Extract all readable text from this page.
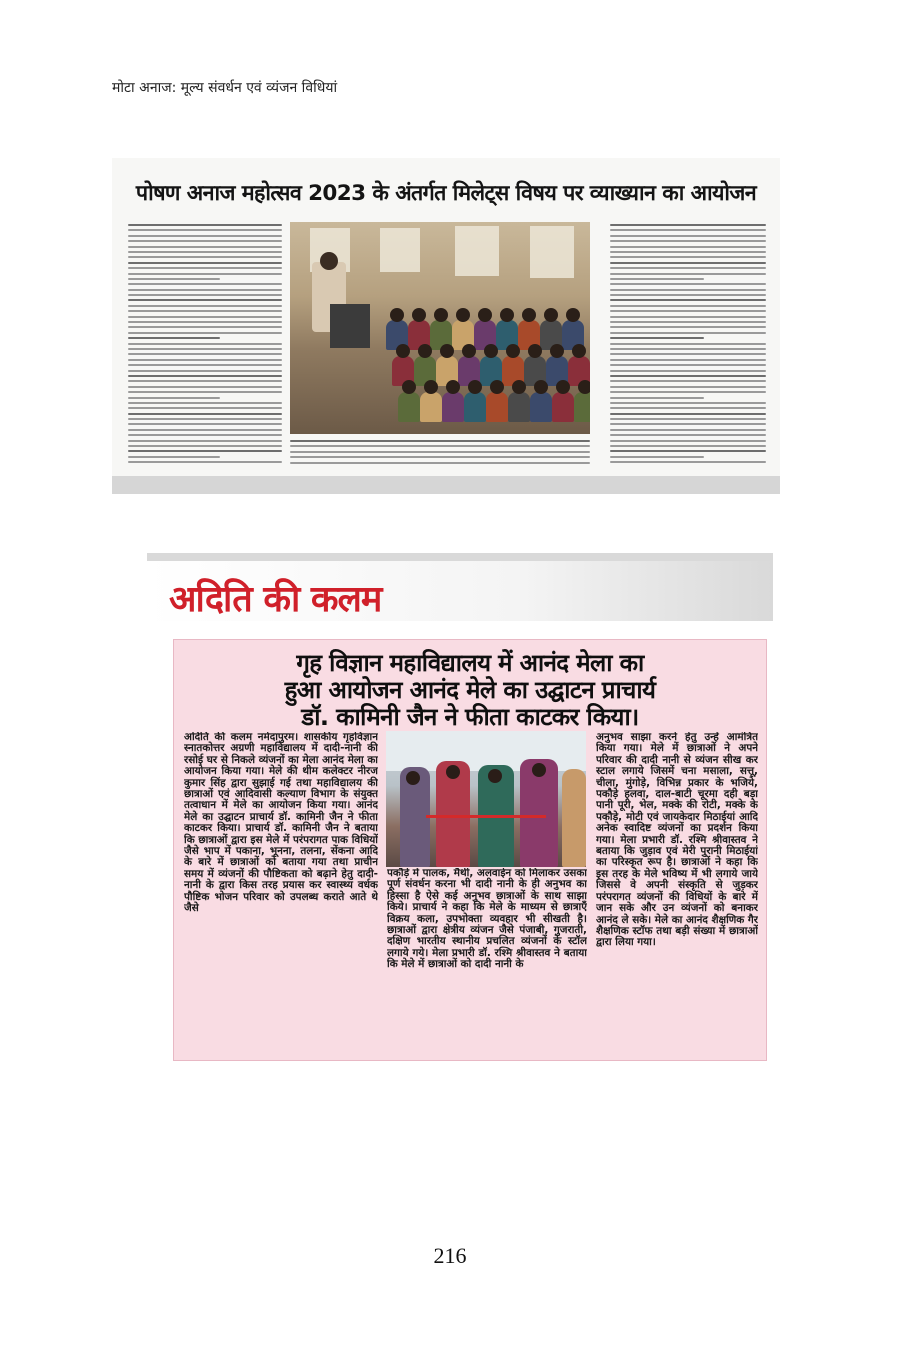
मोटा अनाज: मूल्य संवर्धन एवं व्यंजन विधियां
पोषण अनाज महोत्सव 2023 के अंतर्गत मिलेट्स विषय पर व्याख्यान का आयोजन
अदिति की कलम
गृह विज्ञान महाविद्यालय में आनंद मेला का
हुआ आयोजन आनंद मेले का उद्घाटन प्राचार्य
डॉ. कामिनी जैन ने फीता काटकर किया।
अदिति की कलम नर्मदापुरम। शासकीय गृहविज्ञान स्नातकोत्तर अग्रणी महाविद्यालय में दादी-नानी की रसोई घर से निकले व्यंजनों का मेला आनंद मेला का आयोजन किया गया। मेले की थीम कलेक्टर नीरज कुमार सिंह द्वारा सुझाई गई तथा महाविद्यालय की छात्राओं एवं आदिवासी कल्याण विभाग के संयुक्त तत्वाधान में मेले का आयोजन किया गया। आनंद मेले का उद्घाटन प्राचार्य डॉ. कामिनी जैन ने फीता काटकर किया। प्राचार्य डॉ. कामिनी जैन ने बताया कि छात्राओं द्वारा इस मेले में परंपरागत पाक विधियों जैसे भाप में पकाना, भूनना, तलना, सेंकना आदि के बारे में छात्राओं को बताया गया तथा प्राचीन समय में व्यंजनों की पौष्टिकता को बढ़ाने हेतु दादी-नानी के द्वारा किस तरह प्रयास कर स्वास्थ्य वर्धक पौष्टिक भोजन परिवार को उपलब्ध कराते आते थे जैसे
पकौड़े में पालक, मैथी, अलवाईन को मिलाकर उसका पूर्ण संवर्धन करना भी दादी नानी के ही अनुभव का हिस्सा है ऐसे कई अनुभव छात्राओं के साथ साझा किये। प्राचार्य ने कहा कि मेले के माध्यम से छात्राएँ विक्रय कला, उपभोक्ता व्यवहार भी सीखती है। छात्राओं द्वारा क्षेत्रीय व्यंजन जैसे पंजाबी, गुजराती, दक्षिण भारतीय स्थानीय प्रचलित व्यंजनों के स्टॉल लगाये गये। मेला प्रभारी डॉ. रश्मि श्रीवास्तव ने बताया कि मेले में छात्राओं को दादी नानी के
अनुभव साझा करने हेतु उन्हें आमंत्रित किया गया। मेले में छात्राओं ने अपने परिवार की दादी नानी से व्यंजन सीख कर स्टाल लगाये जिसमें चना मसाला, सत्तू, चीला, मुंगोड़े, विभिन्न प्रकार के भजिये, पकौड़े हलवा, दाल-बाटी चूरमा दही बड़ा पानी पूरी, भेल, मक्के की रोटी, मक्के के पकौड़े, मोटी एवं जायकेदार मिठाईयां आदि अनेक स्वादिष्ट व्यंजनों का प्रदर्शन किया गया। मेला प्रभारी डॉ. रश्मि श्रीवास्तव ने बताया कि जुड़ाव एवं मेरी पुरानी मिठाईयां का परिस्कृत रूप है। छात्राओं ने कहा कि इस तरह के मेले भविष्य में भी लगाये जाये जिससे वे अपनी संस्कृति से जुड़कर परंपरागत व्यंजनों की विधियों के बारे में जान सके और उन व्यंजनों को बनाकर आनंद ले सके। मेले का आनंद शैक्षणिक गैर शैक्षणिक स्टॉफ तथा बड़ी संख्या में छात्राओं द्वारा लिया गया।
216
